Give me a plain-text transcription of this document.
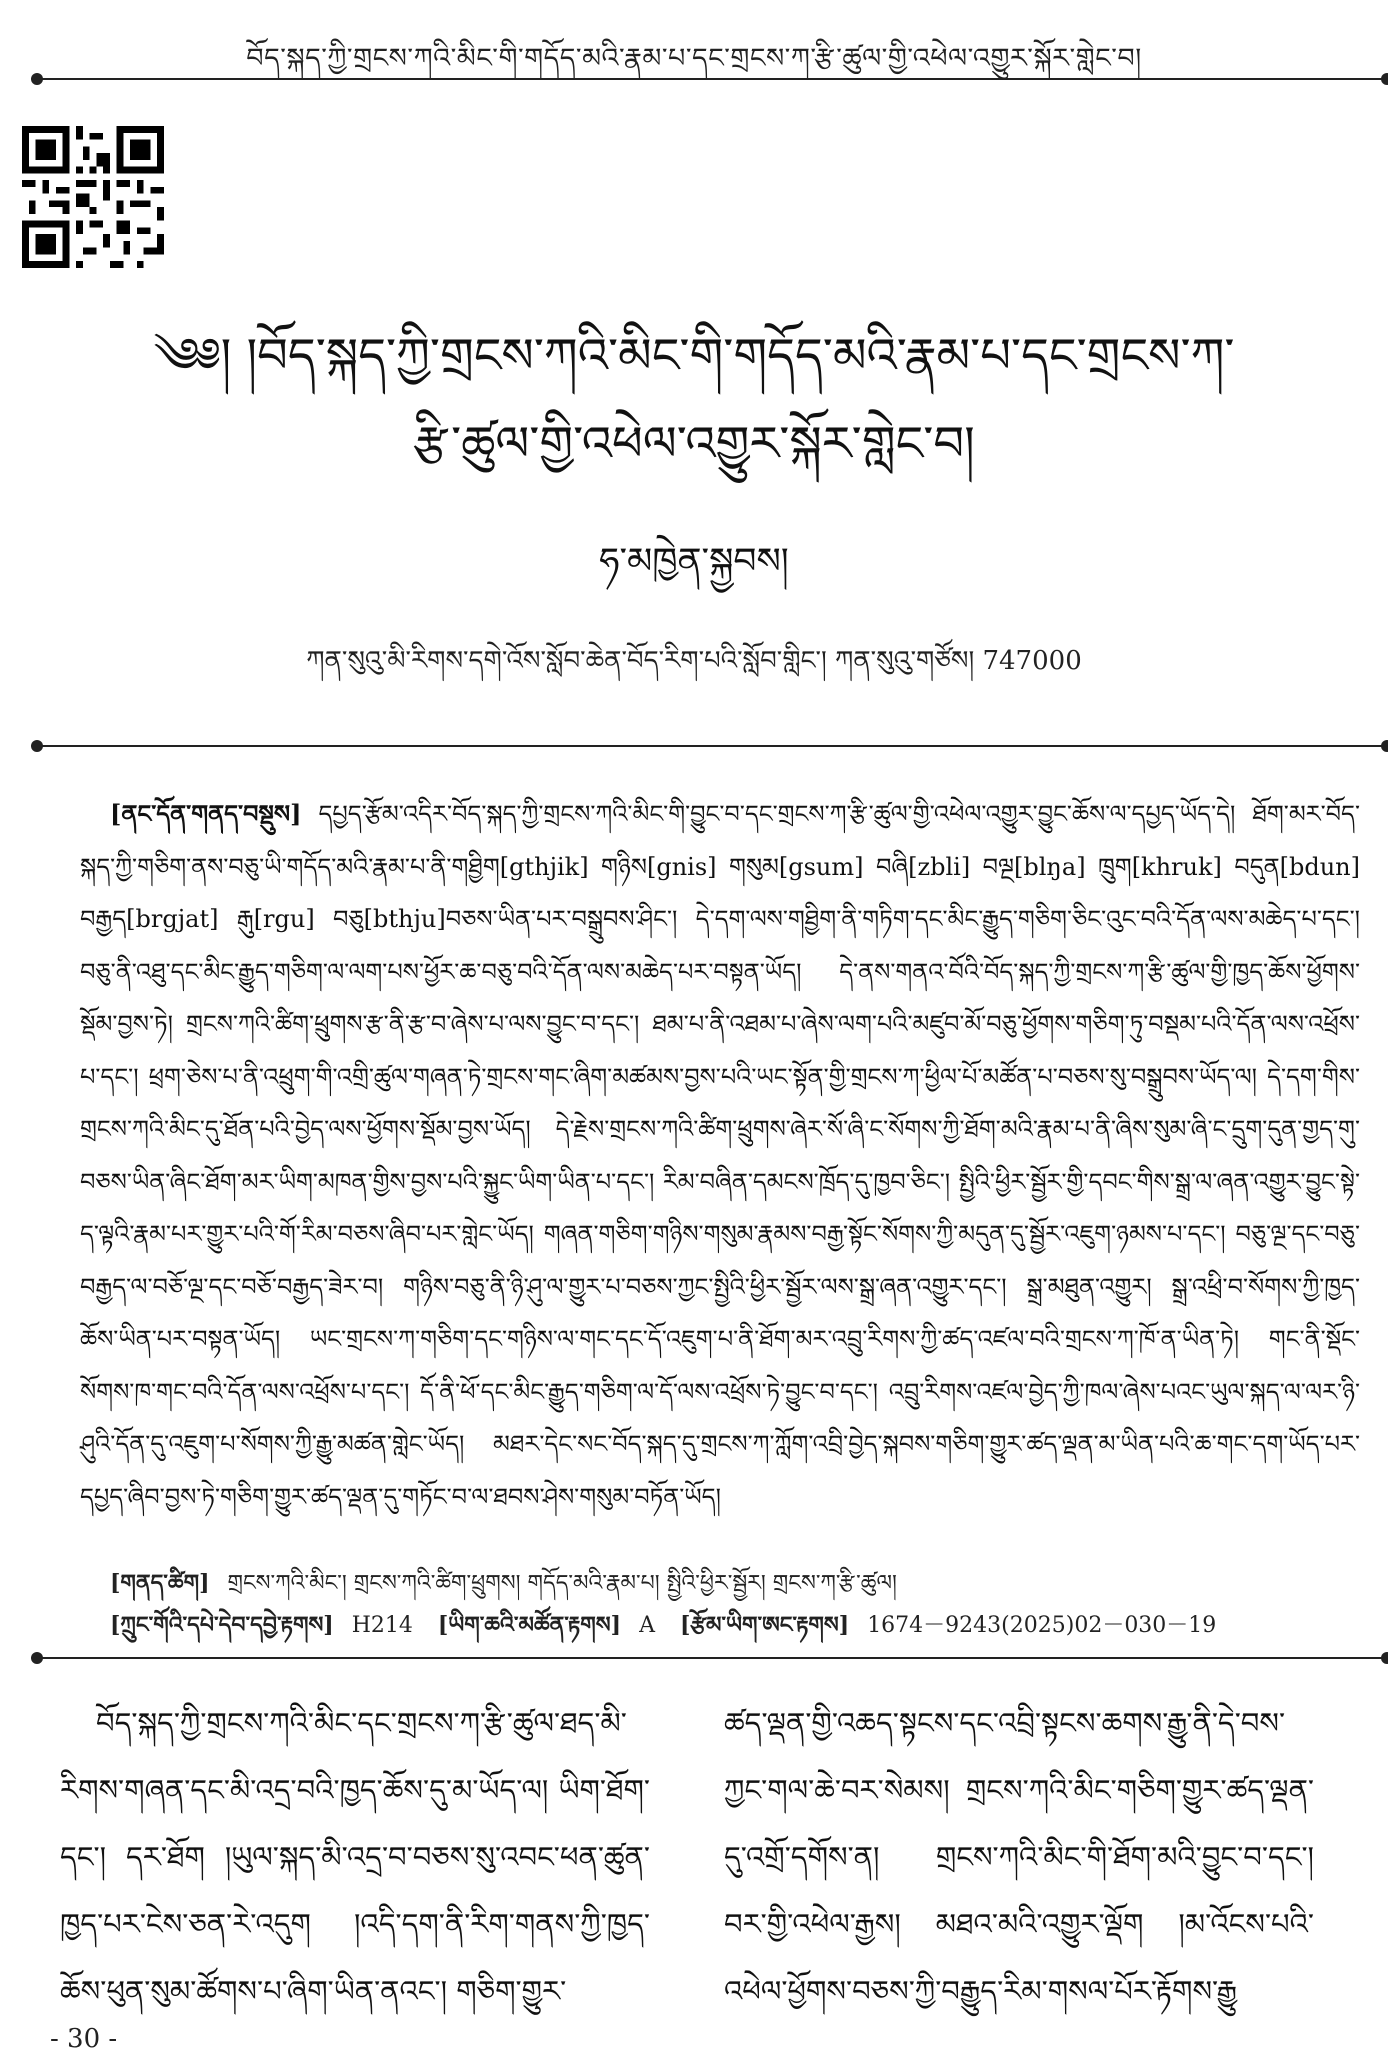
བོད་སྐད་ཀྱི་གྲངས་ཀའི་མིང་གི་གདོད་མའི་རྣམ་པ་དང་གྲངས་ཀ་རྩི་ཚུལ་གྱི་འཕེལ་འགྱུར་སྐོར་གླེང་བ།
༄༅། །བོད་སྐད་ཀྱི་གྲངས་ཀའི་མིང་གི་གདོད་མའི་རྣམ་པ་དང་གྲངས་ཀ་
རྩི་ཚུལ་གྱི་འཕེལ་འགྱུར་སྐོར་གླེང་བ།
ཧ་མཁྱེན་སྐྱབས།
ཀན་སུའུ་མི་རིགས་དགེ་འོས་སློབ་ཆེན་བོད་རིག་པའི་སློབ་གླིང་། ཀན་སུའུ་གཙོས། 747000

[ནང་དོན་གནད་བསྡུས] དཔྱད་རྩོམ་འདིར་བོད་སྐད་ཀྱི་གྲངས་ཀའི་མིང་གི་བྱུང་བ་དང་གྲངས་ཀ་རྩི་ཚུལ་གྱི་འཕེལ་འགྱུར་བྱུང་ཆོས་ལ་དཔྱད་ཡོད་དེ། ཐོག་མར་བོད་སྐད་ཀྱི་གཅིག་ནས་བཅུ་ཡི་གདོད་མའི་རྣམ་པ་ནི་གཐྱིག[gthjik] གཉིས[gnis] གསུམ[gsum] བཞི[zbli] བལྔ[blŋa] ཁྲུག[khruk] བདུན[bdun] བརྒྱད[brgjat] རྒུ[rgu] བཅུ[bthju]བཅས་ཡིན་པར་བསྒྲུབས་ཤིང་། དེ་དག་ལས་གཐྱིག་ནི་གཏིག་དང་མིང་རྒྱུད་གཅིག་ཅིང་འུང་བའི་དོན་ལས་མཆེད་པ་དང་། བཅུ་ནི་འཐུ་དང་མིང་རྒྱུད་གཅིག་ལ་ལག་པས་ཕྱོར་ཆ་བཅུ་བའི་དོན་ལས་མཆེད་པར་བསྟན་ཡོད། དེ་ནས་གནའ་བོའི་བོད་སྐད་ཀྱི་གྲངས་ཀ་རྩི་ཚུལ་གྱི་ཁྱད་ཆོས་ཕྱོགས་སྡོམ་བྱས་ཏེ། གྲངས་ཀའི་ཚིག་ཕྲུགས་རྩ་ནི་རྩ་བ་ཞེས་པ་ལས་བྱུང་བ་དང་། ཐམ་པ་ནི་འཐམ་པ་ཞེས་ལག་པའི་མཛུབ་མོ་བཅུ་ཕྱོགས་གཅིག་ཏུ་བསྡམ་པའི་དོན་ལས་འཕྲོས་པ་དང་། ཕྲག་ཅེས་པ་ནི་འཕྲུག་གི་འགྲི་ཚུལ་གཞན་ཏེ་གྲངས་གང་ཞིག་མཚམས་བྱས་པའི་ཡང་སྟོན་གྱི་གྲངས་ཀ་ཕྱིལ་པོ་མཚོན་པ་བཅས་སུ་བསྒྲུབས་ཡོད་ལ། དེ་དག་གིས་གྲངས་ཀའི་མིང་དུ་ཐོན་པའི་བྱེད་ལས་ཕྱོགས་སྡོམ་བྱས་ཡོད། དེ་རྗེས་གྲངས་ཀའི་ཚིག་ཕྲུགས་ཞེར་སོ་ཞི་ང་སོགས་ཀྱི་ཐོག་མའི་རྣམ་པ་ནི་ཞིས་སུམ་ཞི་ང་དྲུག་དུན་གྱད་གུ་བཅས་ཡིན་ཞིང་ཐོག་མར་ཡིག་མཁན་གྱིས་བྱས་པའི་སྐྱུང་ཡིག་ཡིན་པ་དང་། རིམ་བཞིན་དམངས་ཁྲོད་དུ་ཁྱབ་ཅིང་། སྤྱིའི་ཕྱིར་སྦྱོར་གྱི་དབང་གིས་སྒྲ་ལ་ཞན་འགྱུར་བྱུང་སྟེ་ད་ལྟའི་རྣམ་པར་གྱུར་པའི་གོ་རིམ་བཅས་ཞིབ་པར་གླེང་ཡོད། གཞན་གཅིག་གཉིས་གསུམ་རྣམས་བརྒྱ་སྟོང་སོགས་ཀྱི་མདུན་དུ་སྦྱོར་འཇུག་ཉམས་པ་དང་། བཅུ་ལྔ་དང་བཅུ་བརྒྱད་ལ་བཅོ་ལྔ་དང་བཅོ་བརྒྱད་ཟེར་བ། གཉིས་བཅུ་ནི་ཉི་ཤུ་ལ་གྱུར་པ་བཅས་ཀྱང་སྤྱིའི་ཕྱིར་སྦྱོར་ལས་སྒྲ་ཞན་འགྱུར་དང་། སྒྲ་མཐུན་འགྱུར། སྒྲ་འཕྲི་བ་སོགས་ཀྱི་ཁྱད་ཆོས་ཡིན་པར་བསྟན་ཡོད། ཡང་གྲངས་ཀ་གཅིག་དང་གཉིས་ལ་གང་དང་དོ་འཇུག་པ་ནི་ཐོག་མར་འབྲུ་རིགས་ཀྱི་ཚད་འཛལ་བའི་གྲངས་ཀ་ཁོ་ན་ཡིན་ཏེ། གང་ནི་སྡོང་སོགས་ཁ་གང་བའི་དོན་ལས་འཕྲོས་པ་དང་། དོ་ནི་ཕོ་དང་མིང་རྒྱུད་གཅིག་ལ་དོ་ལས་འཕྲོས་ཏེ་བྱུང་བ་དང་། འབྲུ་རིགས་འཛལ་བྱེད་ཀྱི་ཁལ་ཞེས་པའང་ཡུལ་སྐད་ལ་ལར་ཉི་ཤུའི་དོན་དུ་འཇུག་པ་སོགས་ཀྱི་རྒྱུ་མཚན་གླེང་ཡོད། མཐར་དེང་སང་བོད་སྐད་དུ་གྲངས་ཀ་ཀློག་འབྲི་བྱེད་སྐབས་གཅིག་གྱུར་ཚད་ལྡན་མ་ཡིན་པའི་ཆ་གང་དག་ཡོད་པར་དཔྱད་ཞིབ་བྱས་ཏེ་གཅིག་གྱུར་ཚད་ལྡན་དུ་གཏོང་བ་ལ་ཐབས་ཤེས་གསུམ་བཏོན་ཡོད།

[གནད་ཚིག] གྲངས་ཀའི་མིང་། གྲངས་ཀའི་ཚིག་ཕྲུགས། གདོད་མའི་རྣམ་པ། སྤྱིའི་ཕྱིར་སྦྱོར། གྲངས་ཀ་རྩི་ཚུལ།
[ཀྲུང་གོའི་དཔེ་དེབ་དབྱེ་རྟགས] H214 [ཡིག་ཆའི་མཚོན་རྟགས] A [རྩོམ་ཡིག་ཨང་རྟགས] 1674－9243(2025)02－030－19

བོད་སྐད་ཀྱི་གྲངས་ཀའི་མིང་དང་གྲངས་ཀ་རྩི་ཚུལ་ཐད་མི་རིགས་གཞན་དང་མི་འདྲ་བའི་ཁྱད་ཆོས་དུ་མ་ཡོད་ལ། ཡིག་ཐོག་དང་། དར་ཐོག །ཡུལ་སྐད་མི་འདྲ་བ་བཅས་སུ་འབང་ཕན་ཚུན་ཁྱད་པར་ངེས་ཅན་རེ་འདུག །འདི་དག་ནི་རིག་གནས་ཀྱི་ཁྱད་ཆོས་ཕུན་སུམ་ཚོགས་པ་ཞིག་ཡིན་ནའང་། གཅིག་གྱུར་

ཚད་ལྡན་གྱི་འཆད་སྟངས་དང་འབྲི་སྟངས་ཆགས་རྒྱུ་ནི་དེ་བས་ཀྱང་གལ་ཆེ་བར་སེམས། གྲངས་ཀའི་མིང་གཅིག་གྱུར་ཚད་ལྡན་དུ་འགྲོ་དགོས་ན། གྲངས་ཀའི་མིང་གི་ཐོག་མའི་བྱུང་བ་དང་། བར་གྱི་འཕེལ་རྒྱས། མཐའ་མའི་འགྱུར་ལྡོག །མ་འོངས་པའི་འཕེལ་ཕྱོགས་བཅས་ཀྱི་བརྒྱུད་རིམ་གསལ་པོར་རྟོགས་རྒྱུ

- 30 -
